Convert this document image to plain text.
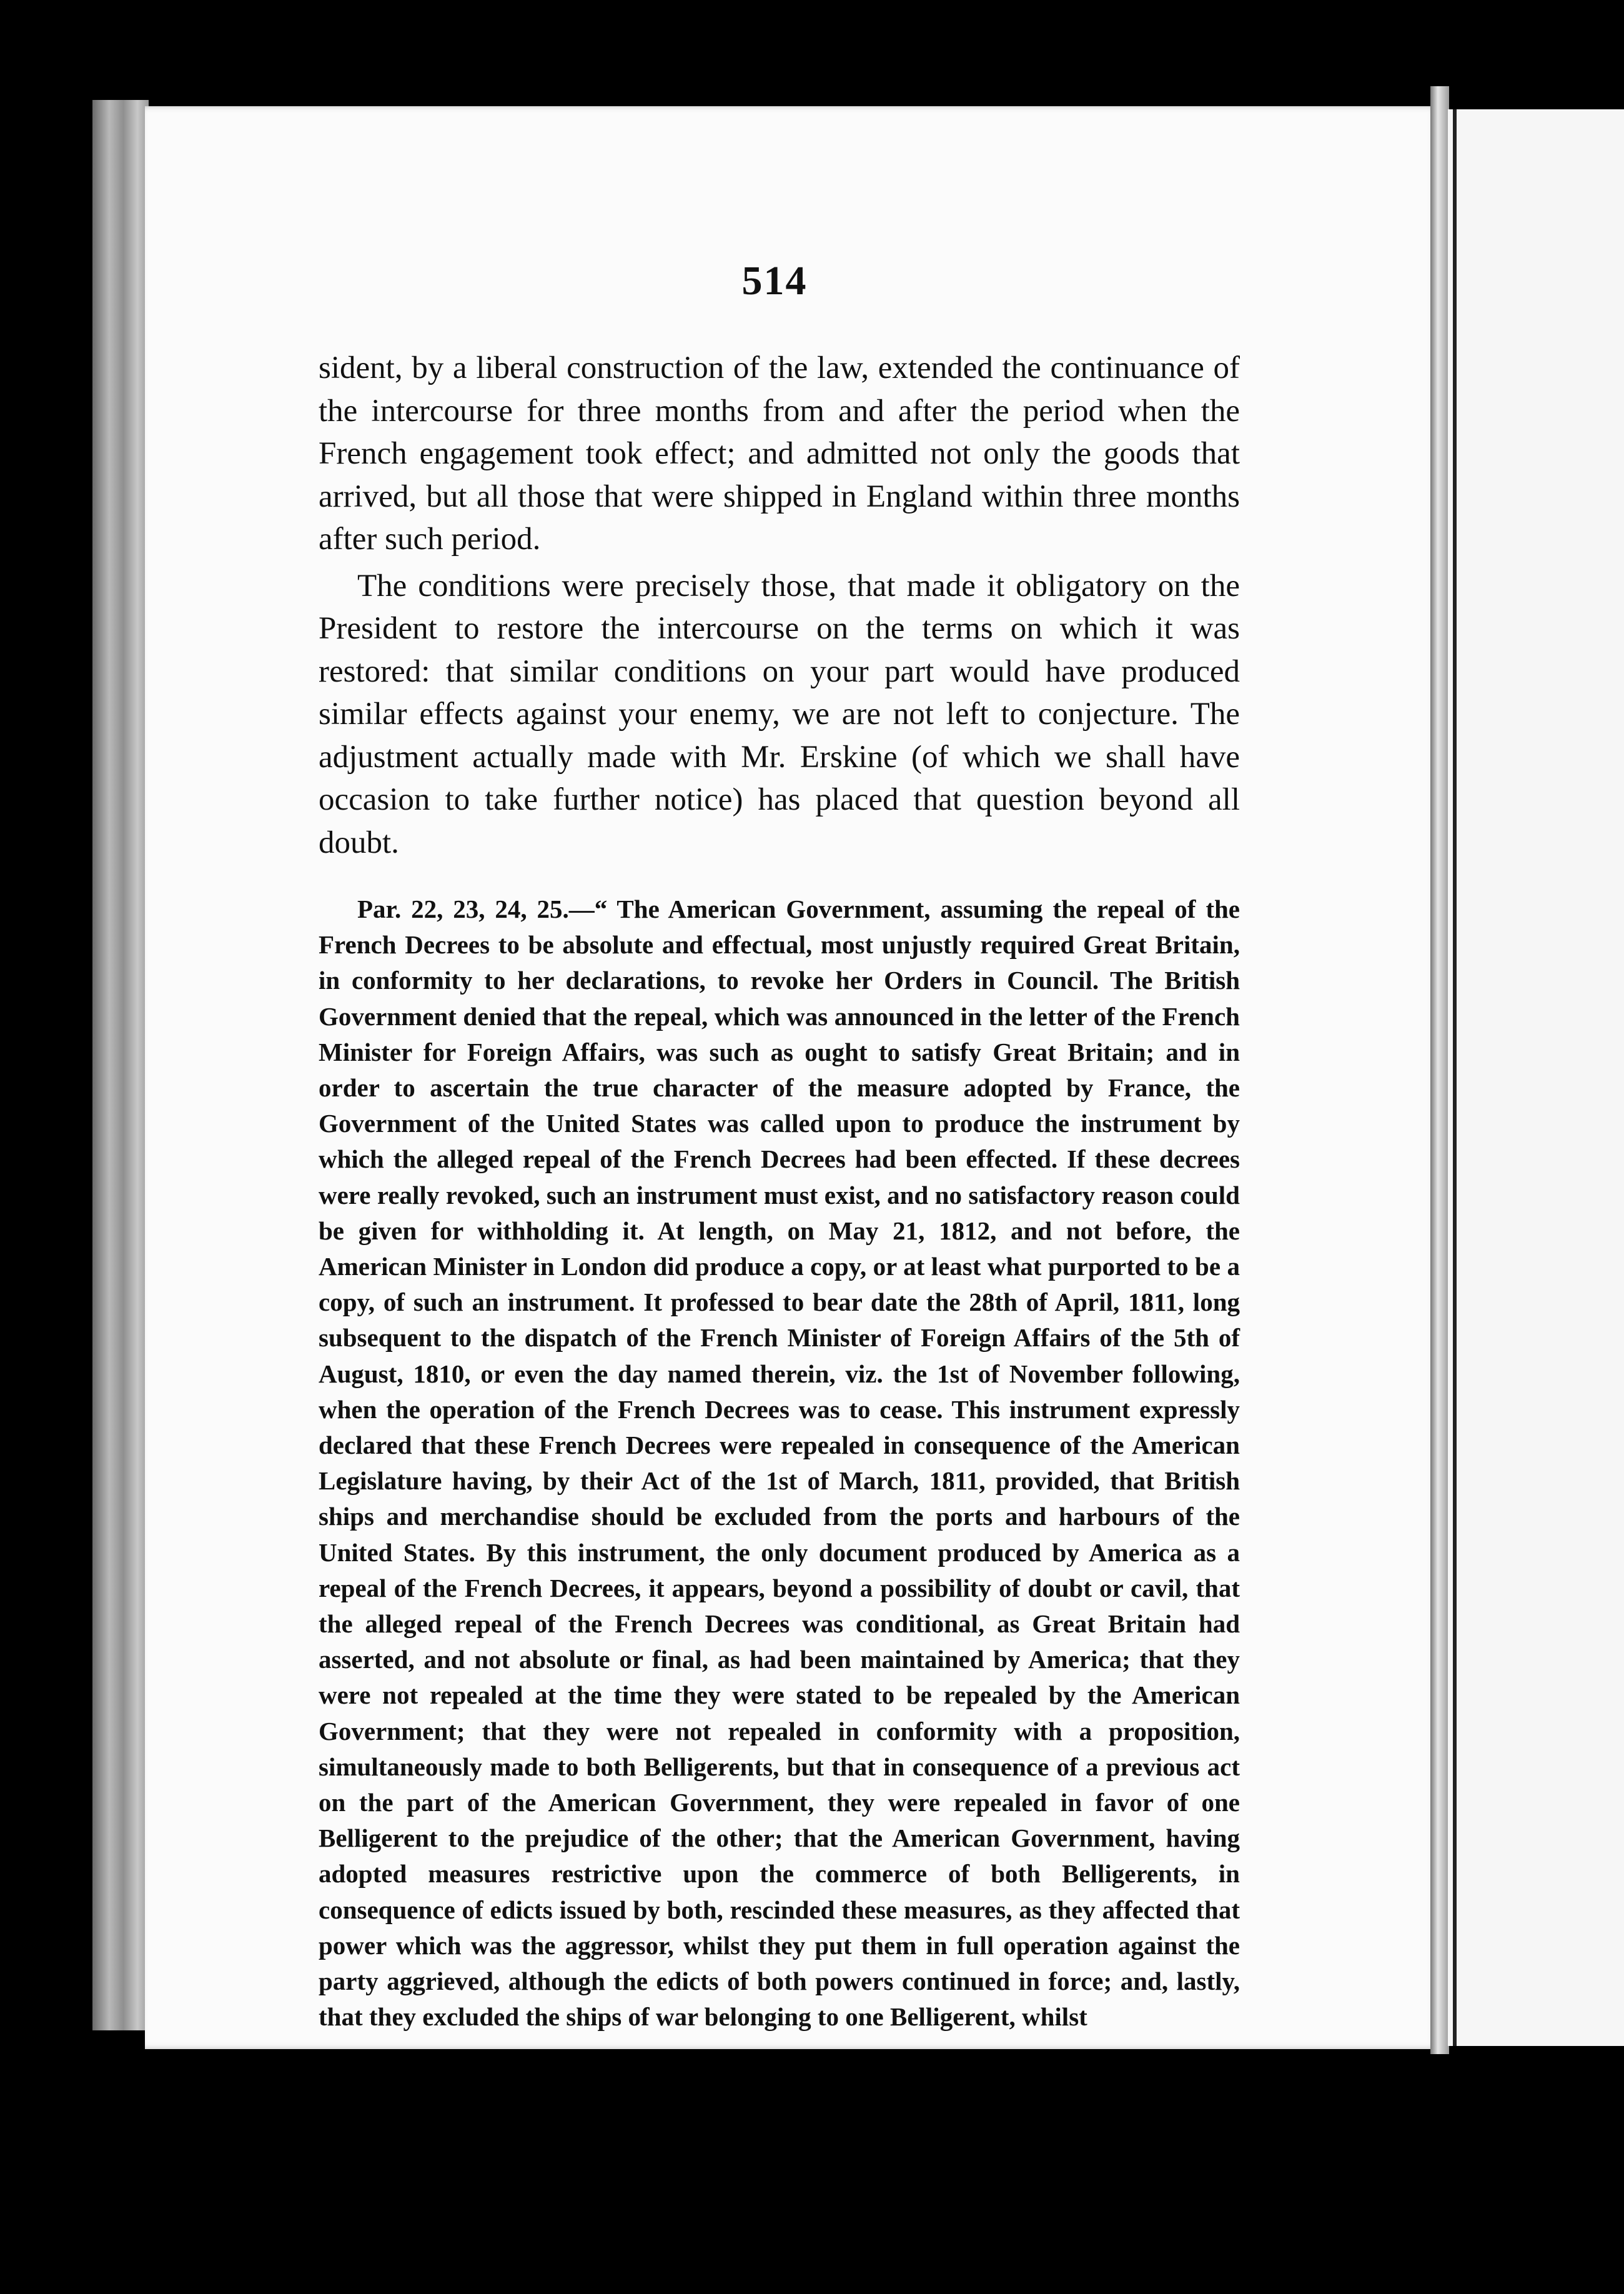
514

sident, by a liberal construction of the law, extended the continuance of the intercourse for three months from and after the period when the French engagement took effect; and admitted not only the goods that arrived, but all those that were shipped in England within three months after such period.

The conditions were precisely those, that made it obligatory on the President to restore the intercourse on the terms on which it was restored: that similar conditions on your part would have produced similar effects against your enemy, we are not left to conjecture. The adjustment actually made with Mr. Erskine (of which we shall have occasion to take further notice) has placed that question beyond all doubt.

Par. 22, 23, 24, 25.—“ The American Government, assuming the repeal of the French Decrees to be absolute and effectual, most unjustly required Great Britain, in conformity to her declarations, to revoke her Orders in Council. The British Government denied that the repeal, which was announced in the letter of the French Minister for Foreign Affairs, was such as ought to satisfy Great Britain; and in order to ascertain the true character of the measure adopted by France, the Government of the United States was called upon to produce the instrument by which the alleged repeal of the French Decrees had been effected. If these decrees were really revoked, such an instrument must exist, and no satisfactory reason could be given for withholding it. At length, on May 21, 1812, and not before, the American Minister in London did produce a copy, or at least what purported to be a copy, of such an instrument. It professed to bear date the 28th of April, 1811, long subsequent to the dispatch of the French Minister of Foreign Affairs of the 5th of August, 1810, or even the day named therein, viz. the 1st of November following, when the operation of the French Decrees was to cease. This instrument expressly declared that these French Decrees were repealed in consequence of the American Legislature having, by their Act of the 1st of March, 1811, provided, that British ships and merchandise should be excluded from the ports and harbours of the United States. By this instrument, the only document produced by America as a repeal of the French Decrees, it appears, beyond a possibility of doubt or cavil, that the alleged repeal of the French Decrees was conditional, as Great Britain had asserted, and not absolute or final, as had been maintained by America; that they were not repealed at the time they were stated to be repealed by the American Government; that they were not repealed in conformity with a proposition, simultaneously made to both Belligerents, but that in consequence of a previous act on the part of the American Government, they were repealed in favor of one Belligerent to the prejudice of the other; that the American Government, having adopted measures restrictive upon the commerce of both Belligerents, in consequence of edicts issued by both, rescinded these measures, as they affected that power which was the aggressor, whilst they put them in full operation against the party aggrieved, although the edicts of both powers continued in force; and, lastly, that they excluded the ships of war belonging to one Belligerent, whilst
